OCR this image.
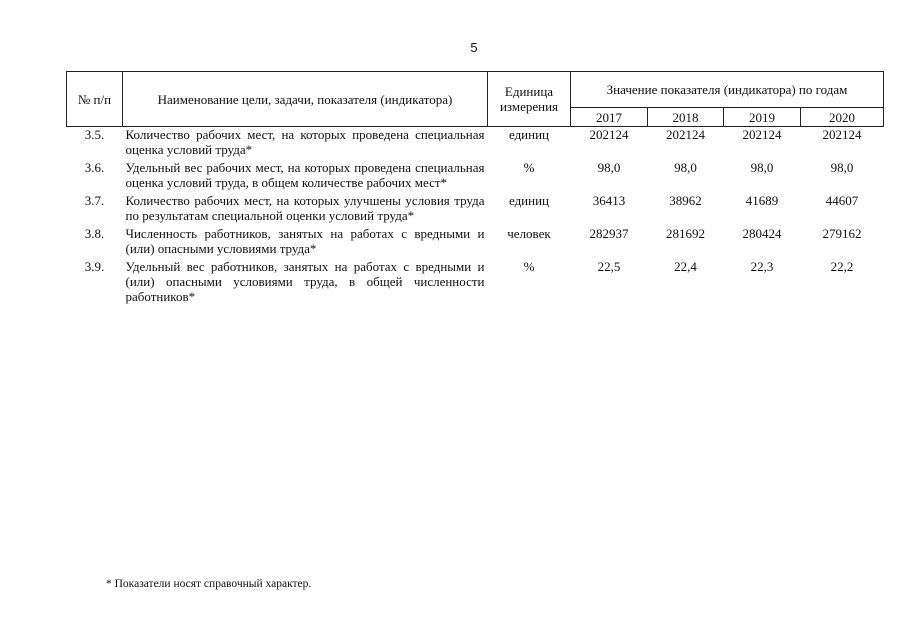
5
№ п/п	Наименование цели, задачи, показателя (индикатора)	Единица измерения	Значение показателя (индикатора) по годам			
			2017	2018	2019	2020
3.5.	Количество рабочих мест, на которых проведена специальная оценка условий труда*	единиц	202124	202124	202124	202124
3.6.	Удельный вес рабочих мест, на которых проведена специальная оценка условий труда, в общем количестве рабочих мест*	%	98,0	98,0	98,0	98,0
3.7.	Количество рабочих мест, на которых улучшены условия труда по результатам специальной оценки условий труда*	единиц	36413	38962	41689	44607
3.8.	Численность работников, занятых на работах с вредными и (или) опасными условиями труда*	человек	282937	281692	280424	279162
3.9.	Удельный вес работников, занятых на работах с вредными и (или) опасными условиями труда, в общей численности работников*	%	22,5	22,4	22,3	22,2
* Показатели носят справочный характер.
